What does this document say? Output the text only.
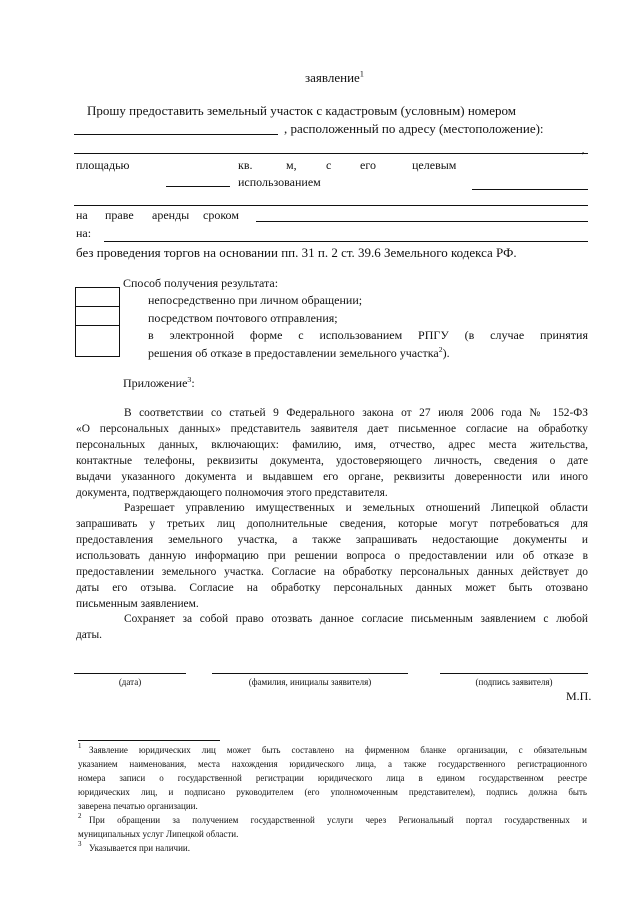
заявление$^1$
Прошу предоставить земельный участок с кадастровым (условным) номером
, расположенный по адресу (местоположение):
,
площадью	кв.	м, с его	целевым
использованием
на праве аренды сроком
на:
без проведения торгов на основании пп. 31 п. 2 ст. 39.6 Земельного кодекса РФ.
Способ получения результата:
непосредственно при личном обращении;
посредством почтового отправления;
в электронной форме с использованием РПГУ (в случае принятия
решения об отказе в предоставлении земельного участка$^2$).
Приложение$^3$:
В соответствии со статьей 9 Федерального закона от 27 июля 2006 года № 152-ФЗ
«О персональных данных» представитель заявителя дает письменное согласие на обработку
персональных данных, включающих: фамилию, имя, отчество, адрес места жительства,
контактные телефоны, реквизиты документа, удостоверяющего личность, сведения о дате
выдачи указанного документа и выдавшем его органе, реквизиты доверенности или иного
документа, подтверждающего полномочия этого представителя.
Разрешает управлению имущественных и земельных отношений Липецкой области
запрашивать у третьих лиц дополнительные сведения, которые могут потребоваться для
предоставления земельного участка, а также запрашивать недостающие документы и
использовать данную информацию при решении вопроса о предоставлении или об отказе в
предоставлении земельного участка. Согласие на обработку персональных данных действует до
даты его отзыва. Согласие на обработку персональных данных может быть отозвано
письменным заявлением.
Сохраняет за собой право отозвать данное согласие письменным заявлением с любой
даты.
(дата)	(фамилия, инициалы заявителя)	(подпись заявителя)
М.П.
1 Заявление юридических лиц может быть составлено на фирменном бланке организации, с обязательным
указанием наименования, места нахождения юридического лица, а также государственного регистрационного
номера записи о государственной регистрации юридического лица в едином государственном реестре
юридических лиц, и подписано руководителем (его уполномоченным представителем), подпись должна быть
заверена печатью организации.
2 При обращении за получением государственной услуги через Региональный портал государственных и
муниципальных услуг Липецкой области.
3 Указывается при наличии.
